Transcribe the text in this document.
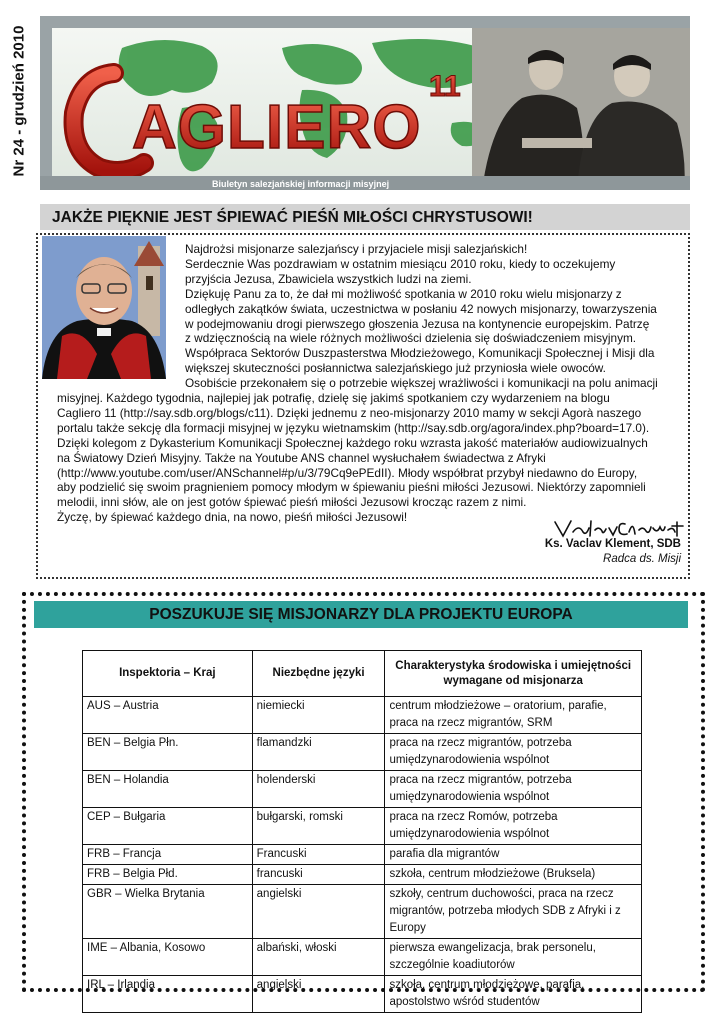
Nr 24 - grudzień 2010 AGLIERO
11
Biuletyn salezjańskiej informacji misyjnej
JAKŻE PIĘKNIE JEST ŚPIEWAĆ PIEŚŃ MIŁOŚCI CHRYSTUSOWI!
Najdrożsi misjonarze salezjańscy i przyjaciele misji salezjańskich!
Serdecznie Was pozdrawiam w ostatnim miesiącu 2010 roku, kiedy to oczekujemy
przyjścia Jezusa, Zbawiciela wszystkich ludzi na ziemi.
Dziękuję Panu za to, że dał mi możliwość spotkania w 2010 roku wielu misjonarzy z
odległych zakątków świata, uczestnictwa w posłaniu 42 nowych misjonarzy, towarzyszenia
w podejmowaniu drogi pierwszego głoszenia Jezusa na kontynencie europejskim. Patrzę
z wdzięcznością na wiele różnych możliwości dzielenia się doświadczeniem misyjnym.
Współpraca Sektorów Duszpasterstwa Młodzieżowego, Komunikacji Społecznej i Misji dla
większej skuteczności posłannictwa salezjańskiego już przyniosła wiele owoców.
Osobiście przekonałem się o potrzebie większej wrażliwości i komunikacji na polu animacji
misyjnej. Każdego tygodnia, najlepiej jak potrafię, dzielę się jakimś spotkaniem czy wydarzeniem na blogu
Cagliero 11 (http://say.sdb.org/blogs/c11). Dzięki jednemu z neo-misjonarzy 2010 mamy w sekcji Agorà naszego
portalu także sekcję dla formacji misyjnej w języku wietnamskim (http://say.sdb.org/agora/index.php?board=17.0).
Dzięki kolegom z Dykasterium Komunikacji Społecznej każdego roku wzrasta jakość materiałów audiowizualnych
na Światowy Dzień Misyjny. Także na Youtube ANS channel wysłuchałem świadectwa z Afryki
(http://www.youtube.com/user/ANSchannel#p/u/3/79Cq9ePEdII). Młody współbrat przybył niedawno do Europy,
aby podzielić się swoim pragnieniem pomocy młodym w śpiewaniu pieśni miłości Jezusowi. Niektórzy zapomnieli
melodii, inni słów, ale on jest gotów śpiewać pieśń miłości Jezusowi krocząc razem z nimi.
Życzę, by śpiewać każdego dnia, na nowo, pieśń miłości Jezusowi!
Ks. Vaclav Klement, SDB
Radca ds. Misji
POSZUKUJE SIĘ MISJONARZY DLA PROJEKTU EUROPA
Inspektoria – Kraj	Niezbędne języki	Charakterystyka środowiska i umiejętności wymagane od misjonarza
AUS – Austria	niemiecki	centrum młodzieżowe – oratorium, parafie, praca na rzecz migrantów, SRM
BEN – Belgia Płn.	flamandzki	praca na rzecz migrantów, potrzeba umiędzynarodowienia wspólnot
BEN – Holandia	holenderski	praca na rzecz migrantów, potrzeba umiędzynarodowienia wspólnot
CEP – Bułgaria	bułgarski, romski	praca na rzecz Romów, potrzeba umiędzynarodowienia wspólnot
FRB – Francja	Francuski	parafia dla migrantów
FRB – Belgia Płd.	francuski	szkoła, centrum młodzieżowe (Bruksela)
GBR – Wielka Brytania	angielski	szkoły, centrum duchowości, praca na rzecz migrantów, potrzeba młodych SDB z Afryki i z Europy
IME – Albania, Kosowo	albański, włoski	pierwsza ewangelizacja, brak personelu, szczególnie koadiutorów
IRL – Irlandia	angielski	szkoła, centrum młodzieżowe, parafia, apostolstwo wśród studentów
